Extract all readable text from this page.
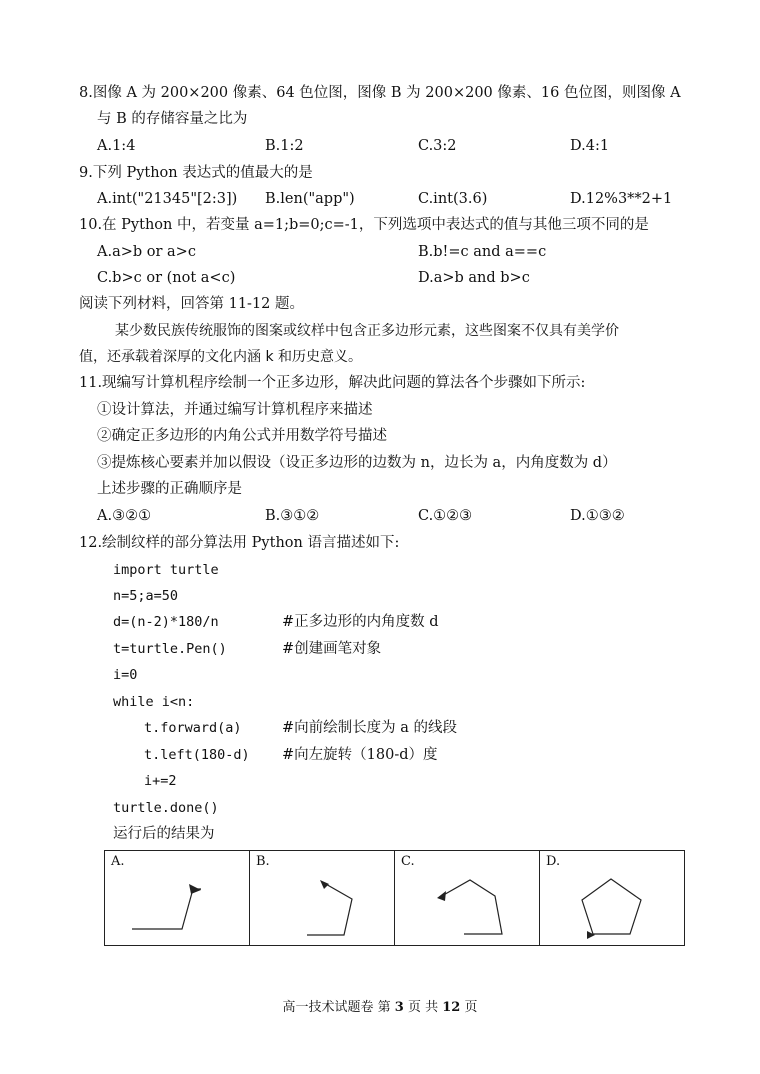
8.图像 A 为 200×200 像素、64 色位图，图像 B 为 200×200 像素、16 色位图，则图像 A
与 B 的存储容量之比为
A.1:4	B.1:2	C.3:2	D.4:1
9.下列 Python 表达式的值最大的是
A.int("21345"[2:3]) B.len("app")	C.int(3.6)	D.12%3**2+1
10.在 Python 中，若变量 a=1;b=0;c=-1，下列选项中表达式的值与其他三项不同的是
A.a>b or a>c	B.b!=c and a==c
C.b>c or (not a<c)	D.a>b and b>c
阅读下列材料，回答第 11-12 题。
某少数民族传统服饰的图案或纹样中包含正多边形元素，这些图案不仅具有美学价
值，还承载着深厚的文化内涵 k 和历史意义。
11.现编写计算机程序绘制一个正多边形，解决此问题的算法各个步骤如下所示:
①设计算法，并通过编写计算机程序来描述
②确定正多边形的内角公式并用数学符号描述
③提炼核心要素并加以假设（设正多边形的边数为 n，边长为 a，内角度数为 d）
上述步骤的正确顺序是
A.③②①	B.③①②	C.①②③	D.①③②
12.绘制纹样的部分算法用 Python 语言描述如下:
import turtle
n=5;a=50
d=(n-2)*180/n	#正多边形的内角度数 d
t=turtle.Pen()	#创建画笔对象
i=0
while i<n:
t.forward(a)	#向前绘制长度为 a 的线段
t.left(180-d) #向左旋转（180-d）度
i+=2
turtle.done()
运行后的结果为
A.	B.	C.	D.
高一技术试题卷 第 3 页 共 12 页
